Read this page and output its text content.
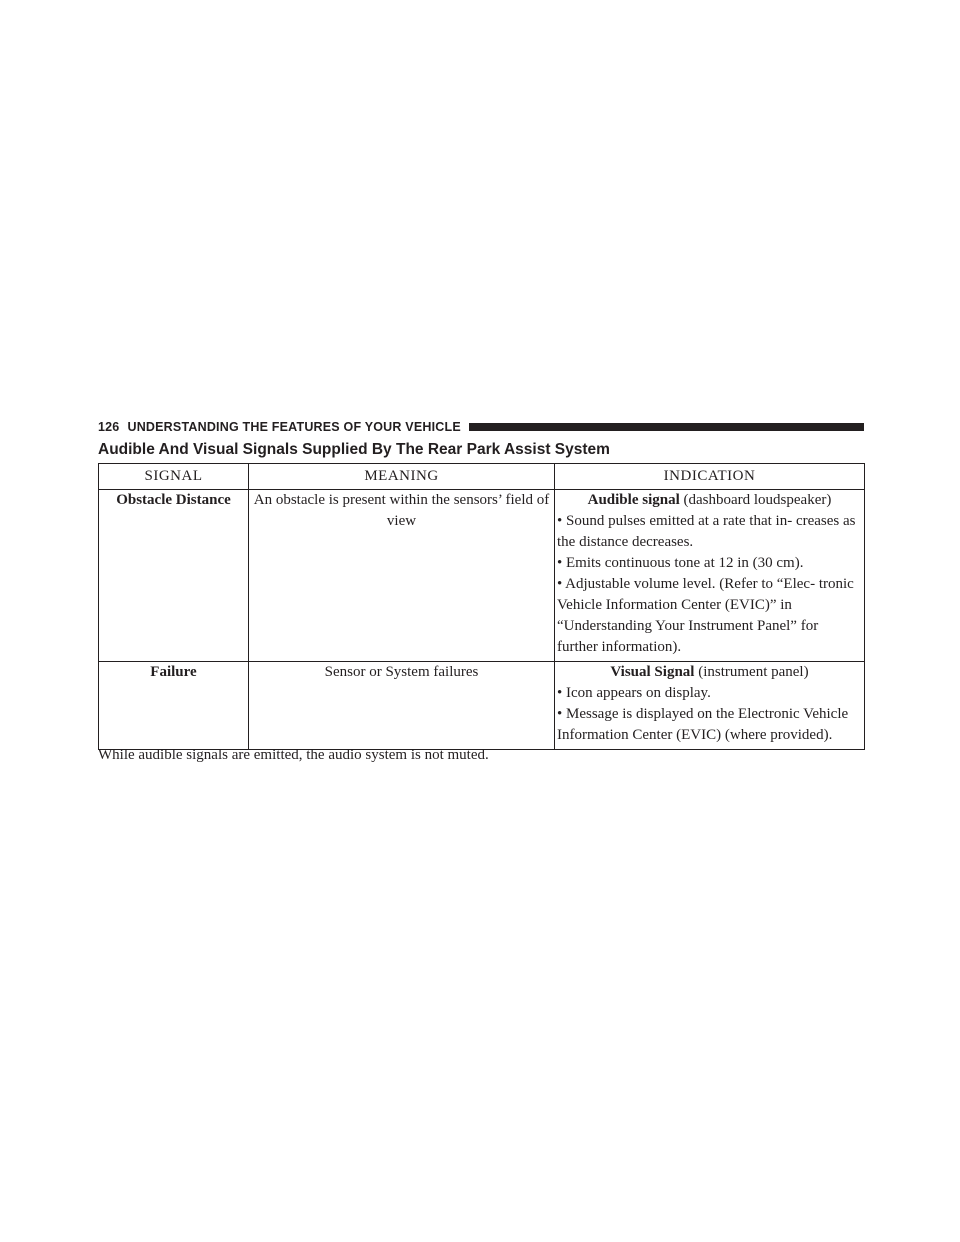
126 UNDERSTANDING THE FEATURES OF YOUR VEHICLE
Audible And Visual Signals Supplied By The Rear Park Assist System
SIGNAL	MEANING	INDICATION
Obstacle Distance	An obstacle is present within the sensors’ field of view	Audible signal (dashboard loudspeaker)

• Sound pulses emitted at a rate that in- creases as the distance decreases.

• Emits continuous tone at 12 in (30 cm).

• Adjustable volume level. (Refer to “Elec- tronic Vehicle Information Center (EVIC)” in “Understanding Your Instrument Panel” for further information).

Failure	Sensor or System failures	Visual Signal (instrument panel)

• Icon appears on display.

• Message is displayed on the Electronic Vehicle Information Center (EVIC) (where provided).

While audible signals are emitted, the audio system is not muted.
